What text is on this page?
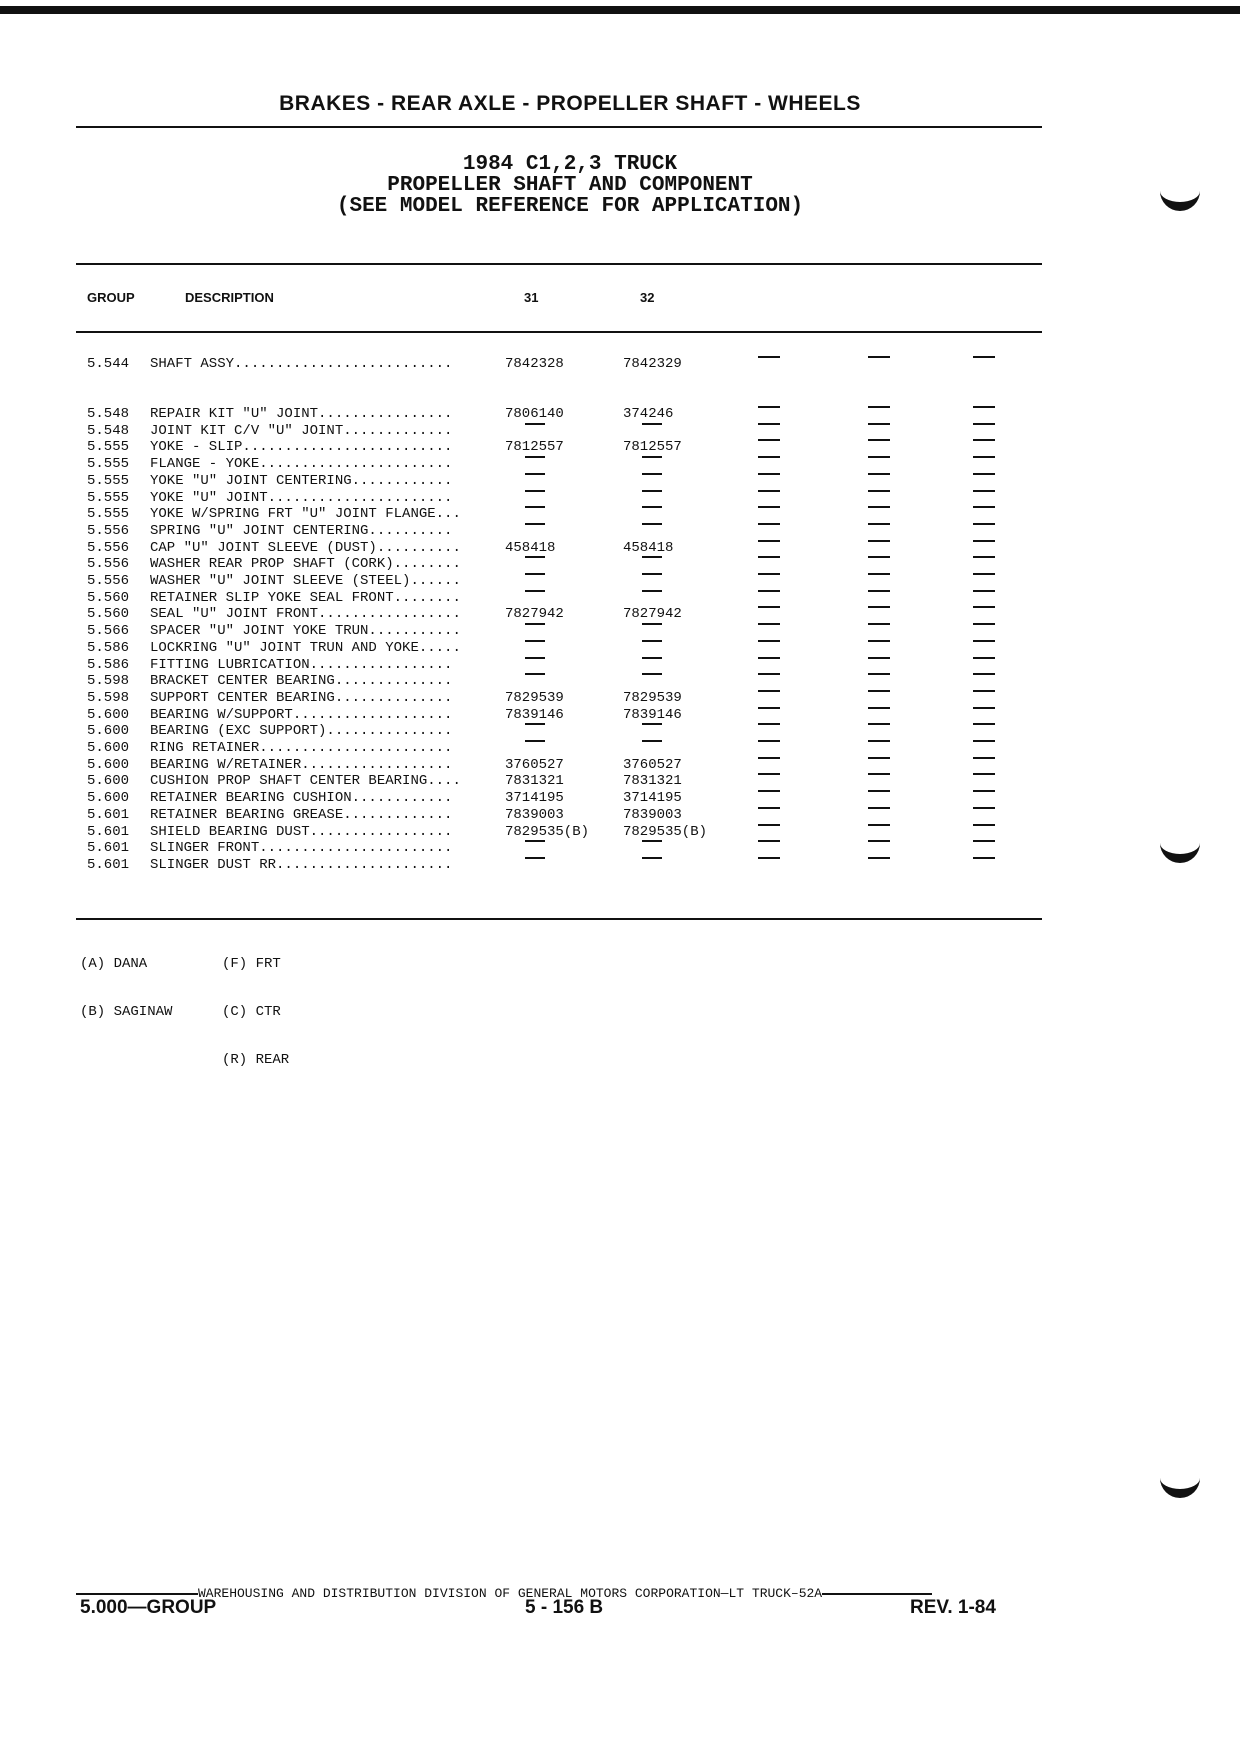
BRAKES - REAR AXLE - PROPELLER SHAFT - WHEELS
1984 C1,2,3 TRUCK
PROPELLER SHAFT AND COMPONENT
(SEE MODEL REFERENCE FOR APPLICATION)
GROUP	DESCRIPTION	31	32
5.544 SHAFT ASSY..........................	7842328	7842329
5.548 REPAIR KIT "U" JOINT................	7806140	374246
5.548 JOINT KIT C/V "U" JOINT.............
5.555 YOKE - SLIP.........................	7812557	7812557
5.555 FLANGE - YOKE.......................
5.555 YOKE "U" JOINT CENTERING............
5.555 YOKE "U" JOINT......................
5.555 YOKE W/SPRING FRT "U" JOINT FLANGE...
5.556 SPRING "U" JOINT CENTERING..........
5.556 CAP "U" JOINT SLEEVE (DUST)..........	458418	458418
5.556 WASHER REAR PROP SHAFT (CORK)........
5.556 WASHER "U" JOINT SLEEVE (STEEL)......
5.560 RETAINER SLIP YOKE SEAL FRONT........
5.560 SEAL "U" JOINT FRONT.................	7827942	7827942
5.566 SPACER "U" JOINT YOKE TRUN...........
5.586 LOCKRING "U" JOINT TRUN AND YOKE.....
5.586 FITTING LUBRICATION.................
5.598 BRACKET CENTER BEARING..............
5.598 SUPPORT CENTER BEARING..............	7829539	7829539
5.600 BEARING W/SUPPORT...................	7839146	7839146
5.600 BEARING (EXC SUPPORT)...............
5.600 RING RETAINER.......................
5.600 BEARING W/RETAINER..................	3760527	3760527
5.600 CUSHION PROP SHAFT CENTER BEARING....	7831321	7831321
5.600 RETAINER BEARING CUSHION............	3714195	3714195
5.601 RETAINER BEARING GREASE.............	7839003	7839003
5.601 SHIELD BEARING DUST.................	7829535(B) 7829535(B)
5.601 SLINGER FRONT.......................
5.601 SLINGER DUST RR.....................

(A) DANA

(B) SAGINAW

(F) FRT

(C) CTR

(R) REAR

WAREHOUSING AND DISTRIBUTION DIVISION OF GENERAL MOTORS CORPORATION—LT TRUCK–52A
5.000—GROUP	5 - 156 B	REV. 1-84
